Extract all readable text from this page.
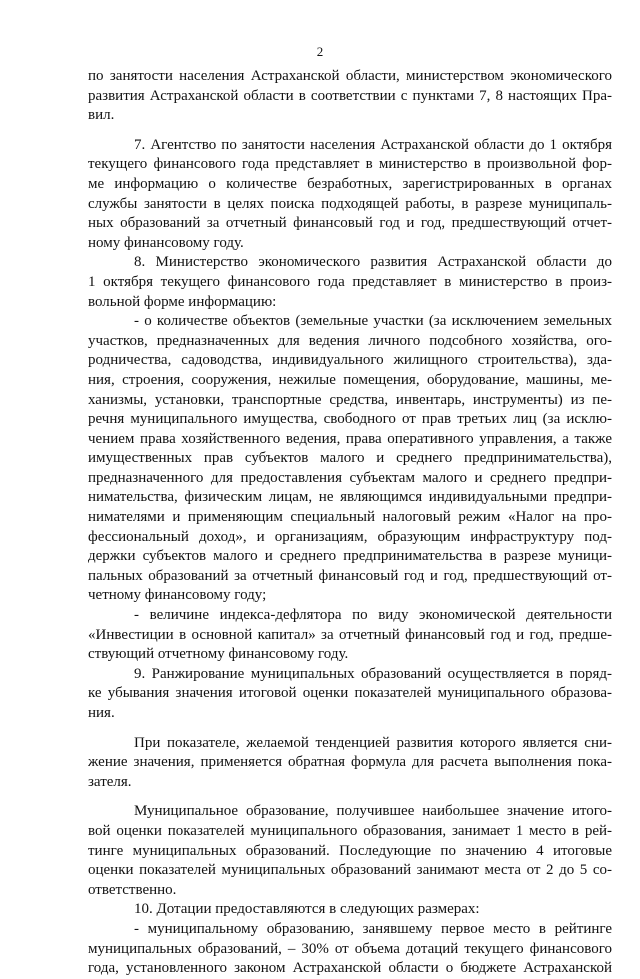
2
по занятости населения Астраханской области, министерством экономического
развития Астраханской области в соответствии с пунктами 7, 8 настоящих Пра-
вил.
7. Агентство по занятости населения Астраханской области до 1 октября
текущего финансового года представляет в министерство в произвольной фор-
ме информацию о количестве безработных, зарегистрированных в органах
службы занятости в целях поиска подходящей работы, в разрезе муниципаль-
ных образований за отчетный финансовый год и год, предшествующий отчет-
ному финансовому году.
8. Министерство экономического развития Астраханской области до
1 октября текущего финансового года представляет в министерство в произ-
вольной форме информацию:
- о количестве объектов (земельные участки (за исключением земельных
участков, предназначенных для ведения личного подсобного хозяйства, ого-
родничества, садоводства, индивидуального жилищного строительства), зда-
ния, строения, сооружения, нежилые помещения, оборудование, машины, ме-
ханизмы, установки, транспортные средства, инвентарь, инструменты) из пе-
речня муниципального имущества, свободного от прав третьих лиц (за исклю-
чением права хозяйственного ведения, права оперативного управления, а также
имущественных прав субъектов малого и среднего предпринимательства),
предназначенного для предоставления субъектам малого и среднего предпри-
нимательства, физическим лицам, не являющимся индивидуальными предпри-
нимателями и применяющим специальный налоговый режим «Налог на про-
фессиональный доход», и организациям, образующим инфраструктуру под-
держки субъектов малого и среднего предпринимательства в разрезе муници-
пальных образований за отчетный финансовый год и год, предшествующий от-
четному финансовому году;
- величине индекса-дефлятора по виду экономической деятельности
«Инвестиции в основной капитал» за отчетный финансовый год и год, предше-
ствующий отчетному финансовому году.
9. Ранжирование муниципальных образований осуществляется в поряд-
ке убывания значения итоговой оценки показателей муниципального образова-
ния.
При показателе, желаемой тенденцией развития которого является сни-
жение значения, применяется обратная формула для расчета выполнения пока-
зателя.
Муниципальное образование, получившее наибольшее значение итого-
вой оценки показателей муниципального образования, занимает 1 место в рей-
тинге муниципальных образований. Последующие по значению 4 итоговые
оценки показателей муниципальных образований занимают места от 2 до 5 со-
ответственно.
10. Дотации предоставляются в следующих размерах:
- муниципальному образованию, занявшему первое место в рейтинге
муниципальных образований, – 30% от объема дотаций текущего финансового
года, установленного законом Астраханской области о бюджете Астраханской
